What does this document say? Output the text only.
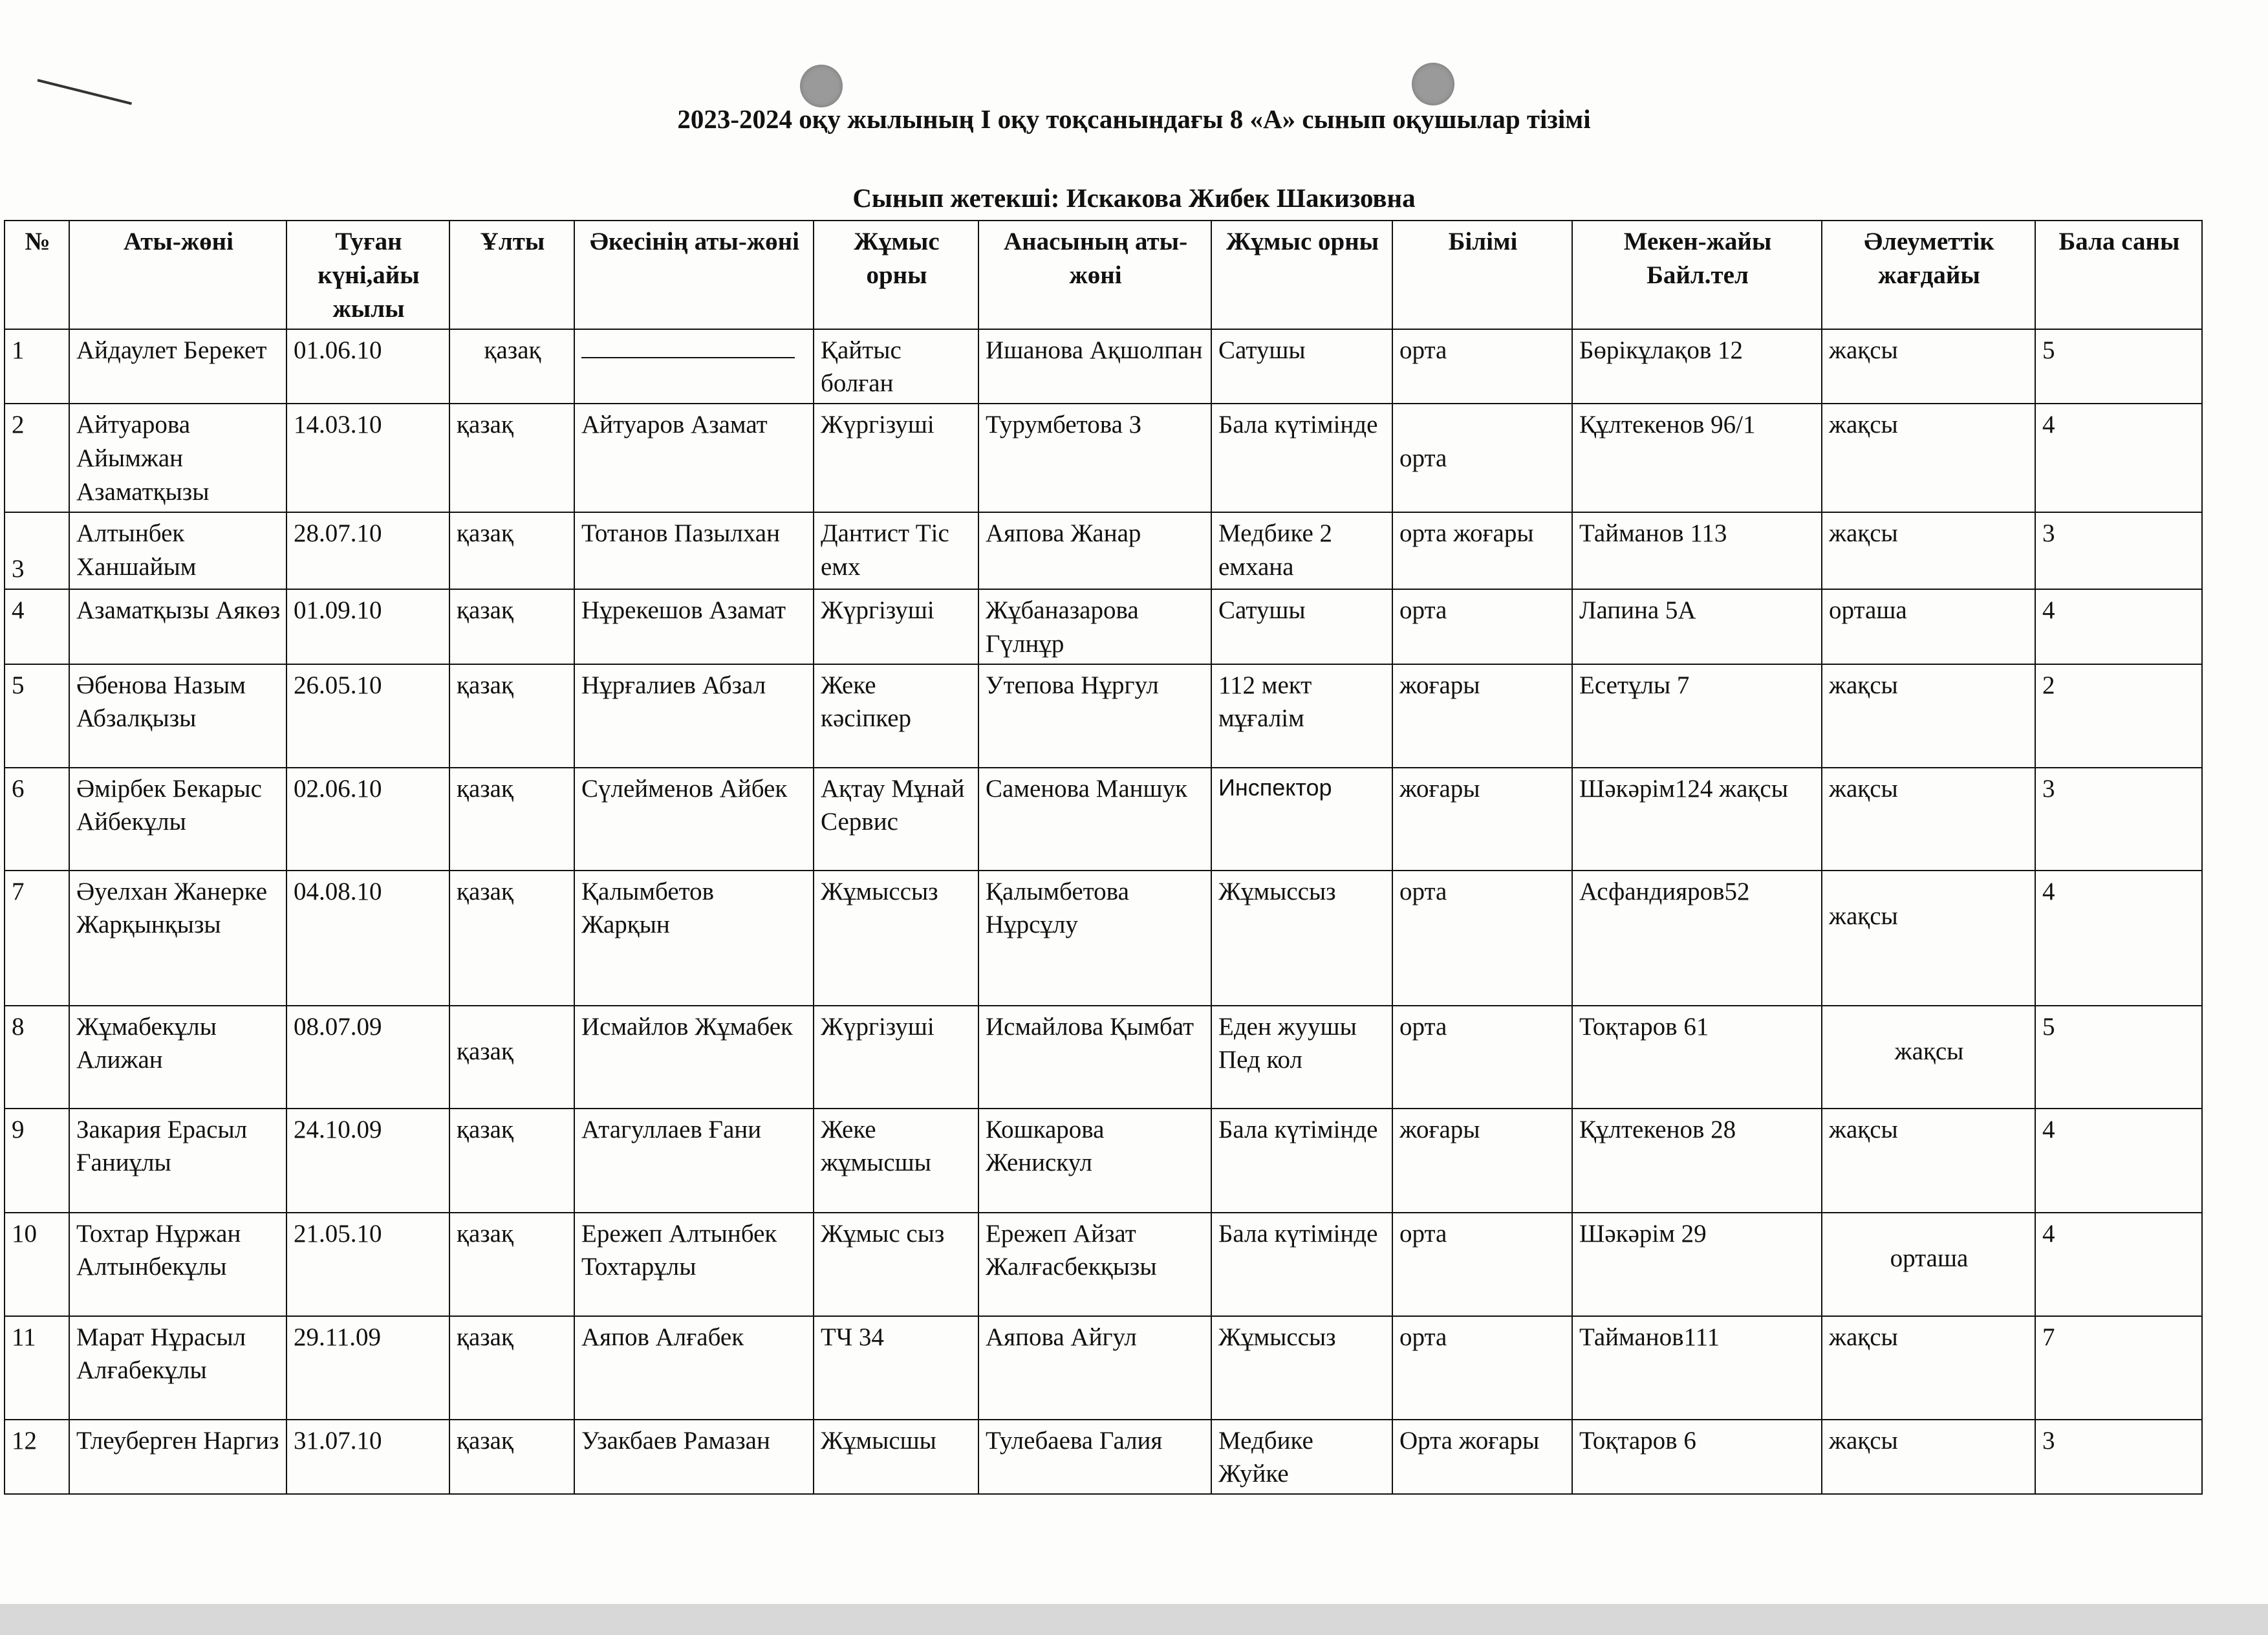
2023-2024 оқу жылының І оқу тоқсанындағы 8 «А» сынып оқушылар тізімі
Сынып жетекші: Искакова Жибек Шакизовна
№	Аты-жөні	Туған күні,айы жылы	Ұлты	Әкесінің аты-жөні	Жұмыс орны	Анасының аты-жөні	Жұмыс орны	Білімі	Мекен-жайы Байл.тел	Әлеуметтік жағдайы	Бала саны
1	Айдаулет Берекет	01.06.10	қазақ		Қайтыс болған	Ишанова Ақшолпан	Сатушы	орта	Бөрікұлақов 12	жақсы	5
2	Айтуарова Айымжан Азаматқызы	14.03.10	қазақ	Айтуаров Азамат	Жүргізуші	Турумбетова З	Бала күтімінде	орта	Құлтекенов 96/1	жақсы	4
3	Алтынбек Ханшайым	28.07.10	қазақ	Тотанов Пазылхан	Дантист Тіс емх	Аяпова Жанар	Медбике 2 емхана	орта жоғары	Тайманов 113	жақсы	3
4	Азаматқызы Аякөз	01.09.10	қазақ	Нұрекешов Азамат	Жүргізуші	Жұбаназарова Гүлнұр	Сатушы	орта	Лапина 5А	орташа	4
5	Әбенова Назым Абзалқызы	26.05.10	қазақ	Нұрғалиев Абзал	Жеке кәсіпкер	Утепова Нұргул	112 мект мұғалім	жоғары	Есетұлы 7	жақсы	2
6	Әмірбек Бекарыс Айбекұлы	02.06.10	қазақ	Сүлейменов Айбек	Ақтау Мұнай Сервис	Саменова Маншук	Инспектор	жоғары	Шәкәрім124 жақсы	жақсы	3
7	Әуелхан Жанерке Жарқынқызы	04.08.10	қазақ	Қалымбетов Жарқын	Жұмыссыз	Қалымбетова Нұрсұлу	Жұмыссыз	орта	Асфандияров52	жақсы	4
8	Жұмабекұлы Алижан	08.07.09	қазақ	Исмайлов Жұмабек	Жүргізуші	Исмайлова Қымбат	Еден жуушы Пед кол	орта	Тоқтаров 61	жақсы	5
9	Закария Ерасыл Ғаниұлы	24.10.09	қазақ	Атагуллаев Ғани	Жеке жұмысшы	Кошкарова Жениcкул	Бала күтімінде	жоғары	Құлтекенов 28	жақсы	4
10	Тохтар Нұржан Алтынбекұлы	21.05.10	қазақ	Ережеп Алтынбек Тохтарұлы	Жұмыс сыз	Ережеп Айзат Жалғасбекқызы	Бала күтімінде	орта	Шәкәрім 29	орташа	4
11	Марат Нұрасыл Алғабекұлы	29.11.09	қазақ	Аяпов Алғабек	ТЧ 34	Аяпова Айгул	Жұмыссыз	орта	Тайманов111	жақсы	7
12	Тлеуберген Наргиз	31.07.10	қазақ	Узакбаев Рамазан	Жұмысшы	Тулебаева Галия	Медбике Жуйке	Орта жоғары	Тоқтаров 6	жақсы	3
